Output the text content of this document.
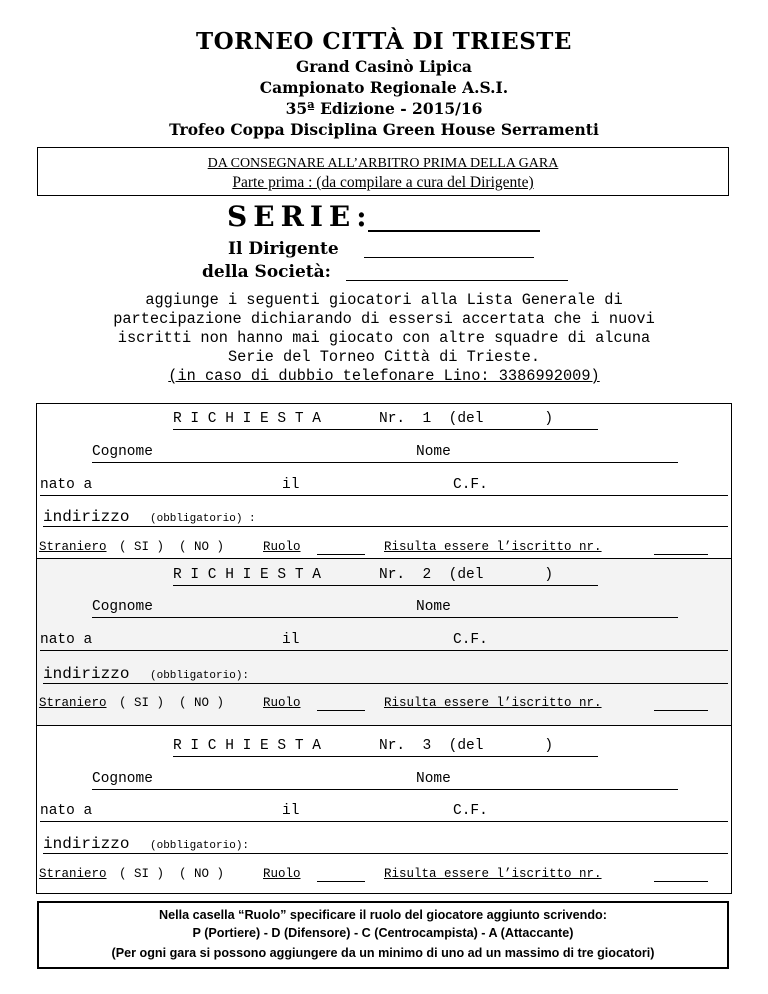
TORNEO CITTÀ DI TRIESTE
Grand Casinò Lipica
Campionato Regionale A.S.I.
35ª Edizione - 2015/16
Trofeo Coppa Disciplina Green House Serramenti
DA CONSEGNARE ALL’ARBITRO PRIMA DELLA GARA
Parte prima : (da compilare a cura del Dirigente)
SERIE:
Il Dirigente
della Società:
aggiunge i seguenti giocatori alla Lista Generale di
partecipazione dichiarando di essersi accertata che i nuovi
iscritti non hanno mai giocato con altre squadre di alcuna
Serie del Torneo Città di Trieste.
(in caso di dubbio telefonare Lino: 3386992009)
R I C H I E S T A	Nr.  1  (del       )
Cognome	Nome
nato a	il	C.F.
indirizzo (obbligatorio) :
Straniero ( SI )  ( NO )	Ruolo	Risulta essere l’iscritto nr.
R I C H I E S T A	Nr.  2  (del       )
Cognome	Nome
nato a	il	C.F.
indirizzo (obbligatorio):
Straniero ( SI )  ( NO )	Ruolo	Risulta essere l’iscritto nr.
R I C H I E S T A	Nr.  3  (del       )
Cognome	Nome
nato a	il	C.F.
indirizzo (obbligatorio):
Straniero ( SI )  ( NO )	Ruolo	Risulta essere l’iscritto nr.
Nella casella “Ruolo” specificare il ruolo del giocatore aggiunto scrivendo:
P (Portiere) - D (Difensore) - C (Centrocampista) - A (Attaccante)
(Per ogni gara si possono aggiungere da un minimo di uno ad un massimo di tre giocatori)
